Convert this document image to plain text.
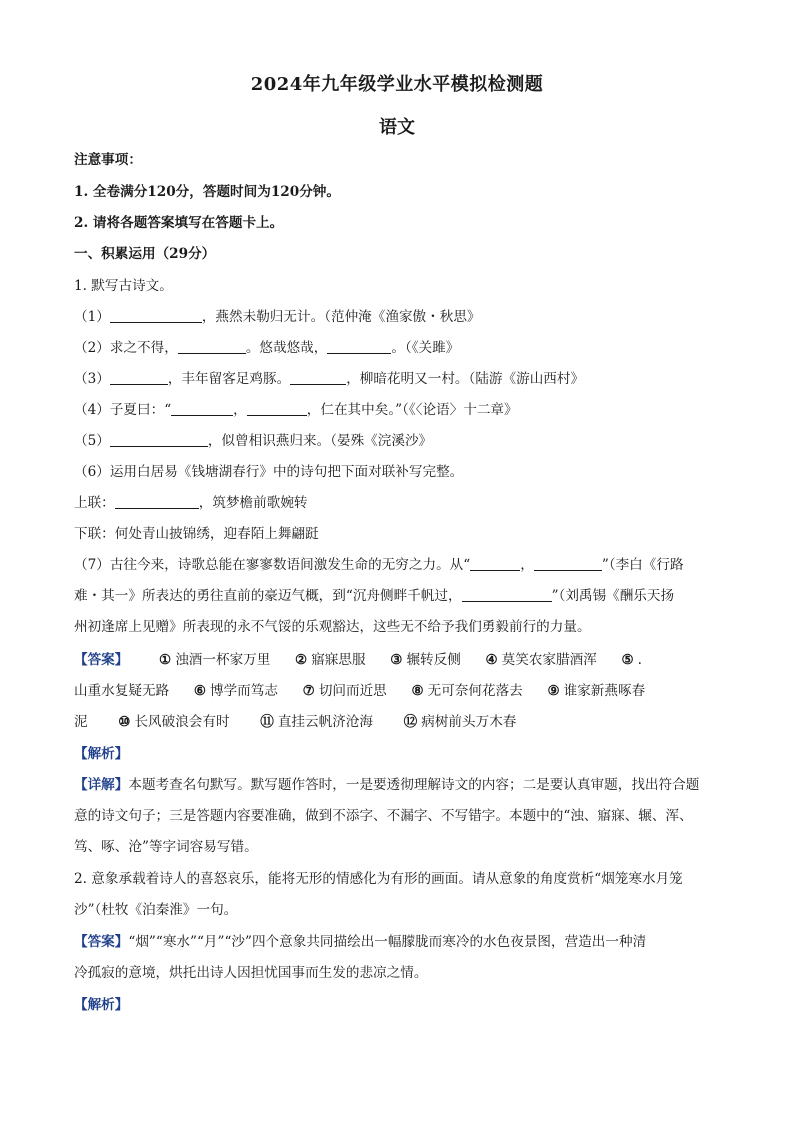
2024年九年级学业水平模拟检测题
语文
注意事项：
1. 全卷满分120分，答题时间为120分钟。
2. 请将各题答案填写在答题卡上。
一、积累运用（29分）
1. 默写古诗文。
（1）	，燕然未勒归无计。（范仲淹《渔家傲・秋思》
（2）求之不得，	。悠哉悠哉，	。（《关雎》
（3）	，丰年留客足鸡豚。	，柳暗花明又一村。（陆游《游山西村》
（4）子夏曰：“	，	，仁在其中矣。”（《〈论语〉十二章》
（5）	，似曾相识燕归来。（晏殊《浣溪沙》
（6）运用白居易《钱塘湖春行》中的诗句把下面对联补写完整。
上联：	，筑梦檐前歌婉转
下联：何处青山披锦绣，迎春陌上舞翩跹
（7）古往今来，诗歌总能在寥寥数语间激发生命的无穷之力。从“	，	”（李白《行路
难・其一》所表达的勇往直前的豪迈气概，到“沉舟侧畔千帆过，	”（刘禹锡《酬乐天扬
州初逢席上见赠》所表现的永不气馁的乐观豁达，这些无不给予我们勇毅前行的力量。
【答案】 ① 浊酒一杯家万里 ② 寤寐思服 ③ 辗转反侧 ④ 莫笑农家腊酒浑 ⑤ .
山重水复疑无路 ⑥ 博学而笃志 ⑦ 切问而近思 ⑧ 无可奈何花落去 ⑨ 谁家新燕啄春
泥 ⑩ 长风破浪会有时 ⑪ 直挂云帆济沧海 ⑫ 病树前头万木春
【解析】
【详解】本题考查名句默写。默写题作答时，一是要透彻理解诗文的内容；二是要认真审题，找出符合题
意的诗文句子；三是答题内容要准确，做到不添字、不漏字、不写错字。本题中的“浊、寤寐、辗、浑、
笃、啄、沧”等字词容易写错。
2. 意象承载着诗人的喜怒哀乐，能将无形的情感化为有形的画面。请从意象的角度赏析“烟笼寒水月笼
沙”（杜牧《泊秦淮》一句。
【答案】“烟”“寒水”“月”“沙”四个意象共同描绘出一幅朦胧而寒冷的水色夜景图，营造出一种清
冷孤寂的意境，烘托出诗人因担忧国事而生发的悲凉之情。
【解析】
